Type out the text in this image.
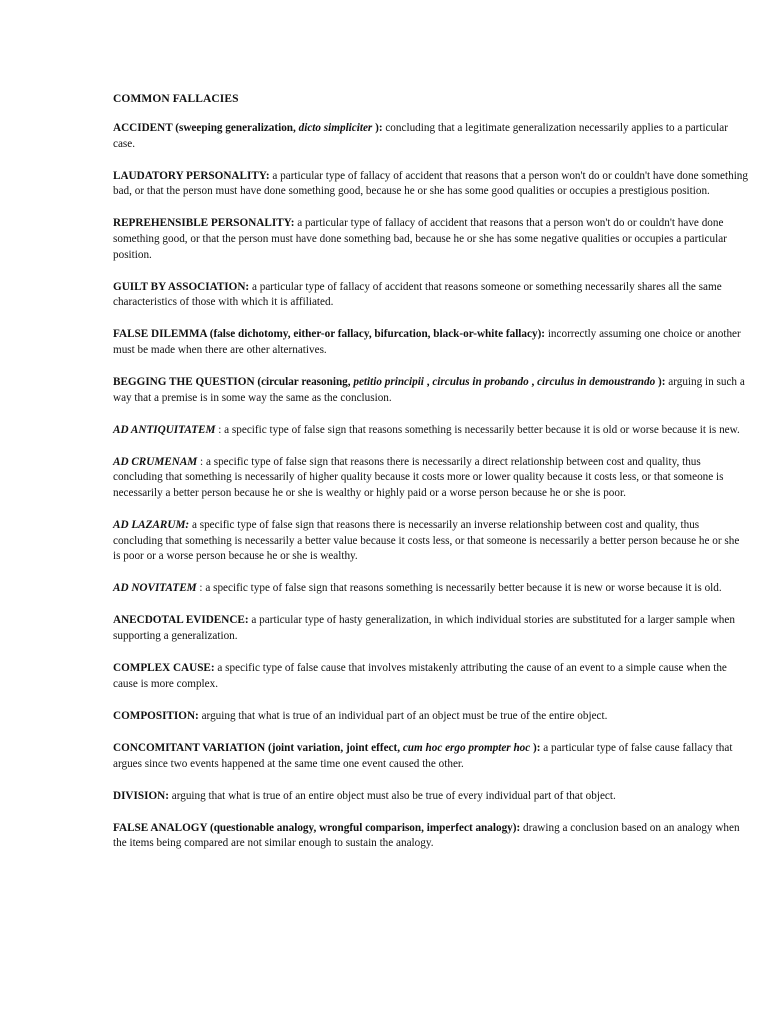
COMMON FALLACIES

ACCIDENT (sweeping generalization, dicto simpliciter ): concluding that a legitimate generalization necessarily applies to a particular case.

LAUDATORY PERSONALITY: a particular type of fallacy of accident that reasons that a person won't do or couldn't have done something bad, or that the person must have done something good, because he or she has some good qualities or occupies a prestigious position.

REPREHENSIBLE PERSONALITY: a particular type of fallacy of accident that reasons that a person won't do or couldn't have done something good, or that the person must have done something bad, because he or she has some negative qualities or occupies a particular position.

GUILT BY ASSOCIATION: a particular type of fallacy of accident that reasons someone or something necessarily shares all the same characteristics of those with which it is affiliated.

FALSE DILEMMA (false dichotomy, either-or fallacy, bifurcation, black-or-white fallacy): incorrectly assuming one choice or another must be made when there are other alternatives.

BEGGING THE QUESTION (circular reasoning, petitio principii , circulus in probando , circulus in demoustrando ): arguing in such a way that a premise is in some way the same as the conclusion.

AD ANTIQUITATEM : a specific type of false sign that reasons something is necessarily better because it is old or worse because it is new.

AD CRUMENAM : a specific type of false sign that reasons there is necessarily a direct relationship between cost and quality, thus concluding that something is necessarily of higher quality because it costs more or lower quality because it costs less, or that someone is necessarily a better person because he or she is wealthy or highly paid or a worse person because he or she is poor.

AD LAZARUM: a specific type of false sign that reasons there is necessarily an inverse relationship between cost and quality, thus concluding that something is necessarily a better value because it costs less, or that someone is necessarily a better person because he or she is poor or a worse person because he or she is wealthy.

AD NOVITATEM : a specific type of false sign that reasons something is necessarily better because it is new or worse because it is old.

ANECDOTAL EVIDENCE: a particular type of hasty generalization, in which individual stories are substituted for a larger sample when supporting a generalization.

COMPLEX CAUSE: a specific type of false cause that involves mistakenly attributing the cause of an event to a simple cause when the cause is more complex.

COMPOSITION: arguing that what is true of an individual part of an object must be true of the entire object.

CONCOMITANT VARIATION (joint variation, joint effect, cum hoc ergo prompter hoc ): a particular type of false cause fallacy that argues since two events happened at the same time one event caused the other.

DIVISION: arguing that what is true of an entire object must also be true of every individual part of that object.

FALSE ANALOGY (questionable analogy, wrongful comparison, imperfect analogy): drawing a conclusion based on an analogy when the items being compared are not similar enough to sustain the analogy.
